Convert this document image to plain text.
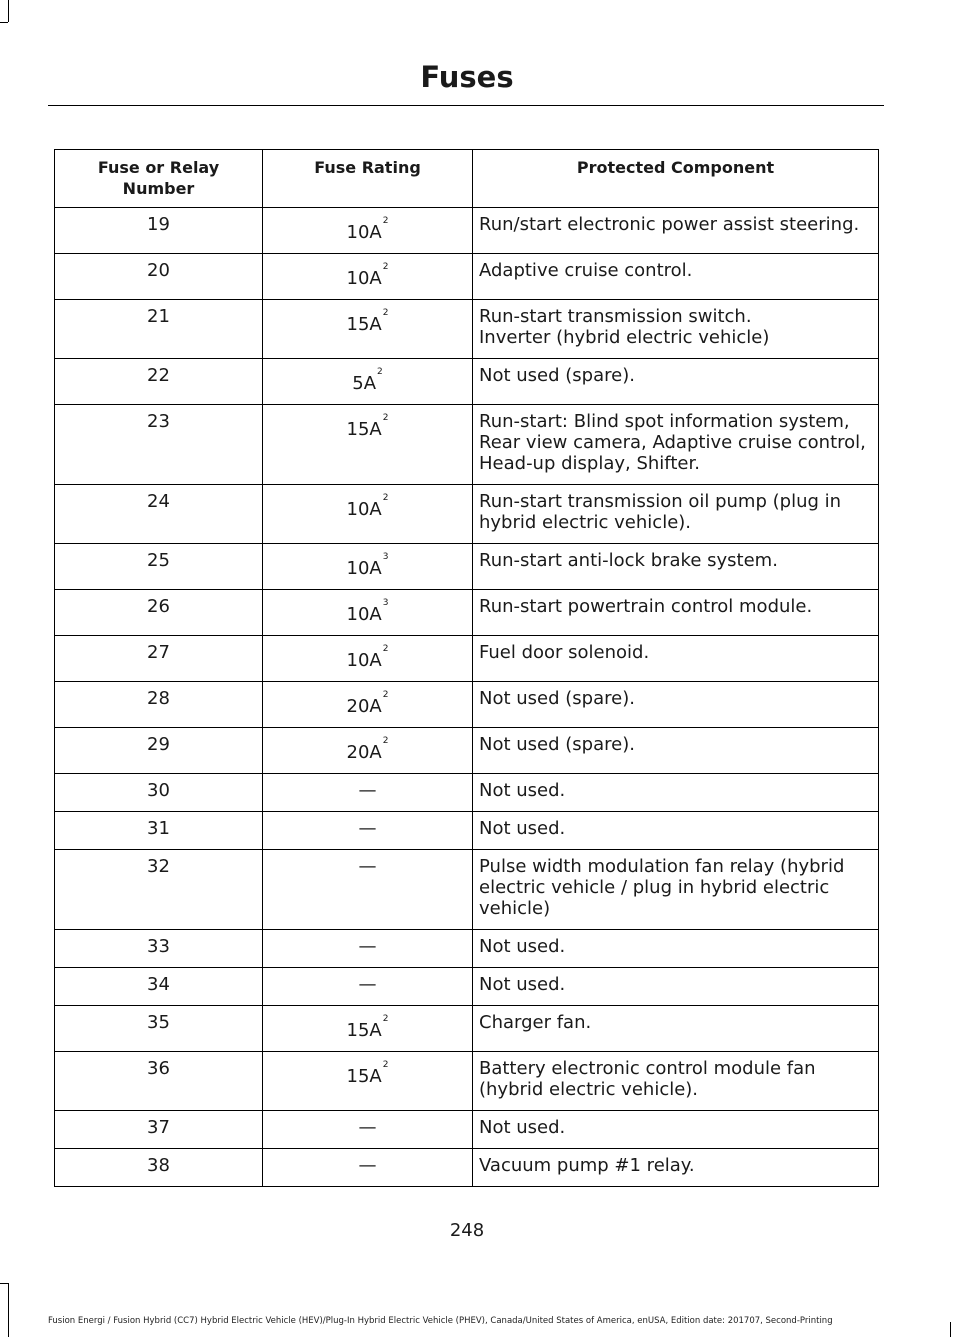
Fuses
Fuse or Relay Number	Fuse Rating	Protected Component
19	$10A^2$	Run/start electronic power assist steering.

20	$10A^2$	Adaptive cruise control.

21	$15A^2$	Run-start transmission switch.
Inverter (hybrid electric vehicle)

22	$5A^2$	Not used (spare).

23	$15A^2$	Run-start: Blind spot information system,
Rear view camera, Adaptive cruise control,
Head-up display, Shifter.

24	$10A^2$	Run-start transmission oil pump (plug in
hybrid electric vehicle).

25	$10A^3$	Run-start anti-lock brake system.

26	$10A^3$	Run-start powertrain control module.

27	$10A^2$	Fuel door solenoid.

28	$20A^2$	Not used (spare).

29	$20A^2$	Not used (spare).

30	—	Not used.

31	—	Not used.

32	—	Pulse width modulation fan relay (hybrid
electric vehicle / plug in hybrid electric
vehicle)

33	—	Not used.

34	—	Not used.

35	$15A^2$	Charger fan.

36	$15A^2$	Battery electronic control module fan
(hybrid electric vehicle).

37	—	Not used.

38	—	Vacuum pump #1 relay.
248
Fusion Energi / Fusion Hybrid (CC7) Hybrid Electric Vehicle (HEV)/Plug-In Hybrid Electric Vehicle (PHEV), Canada/United States of America, enUSA, Edition date: 201707, Second-Printing
